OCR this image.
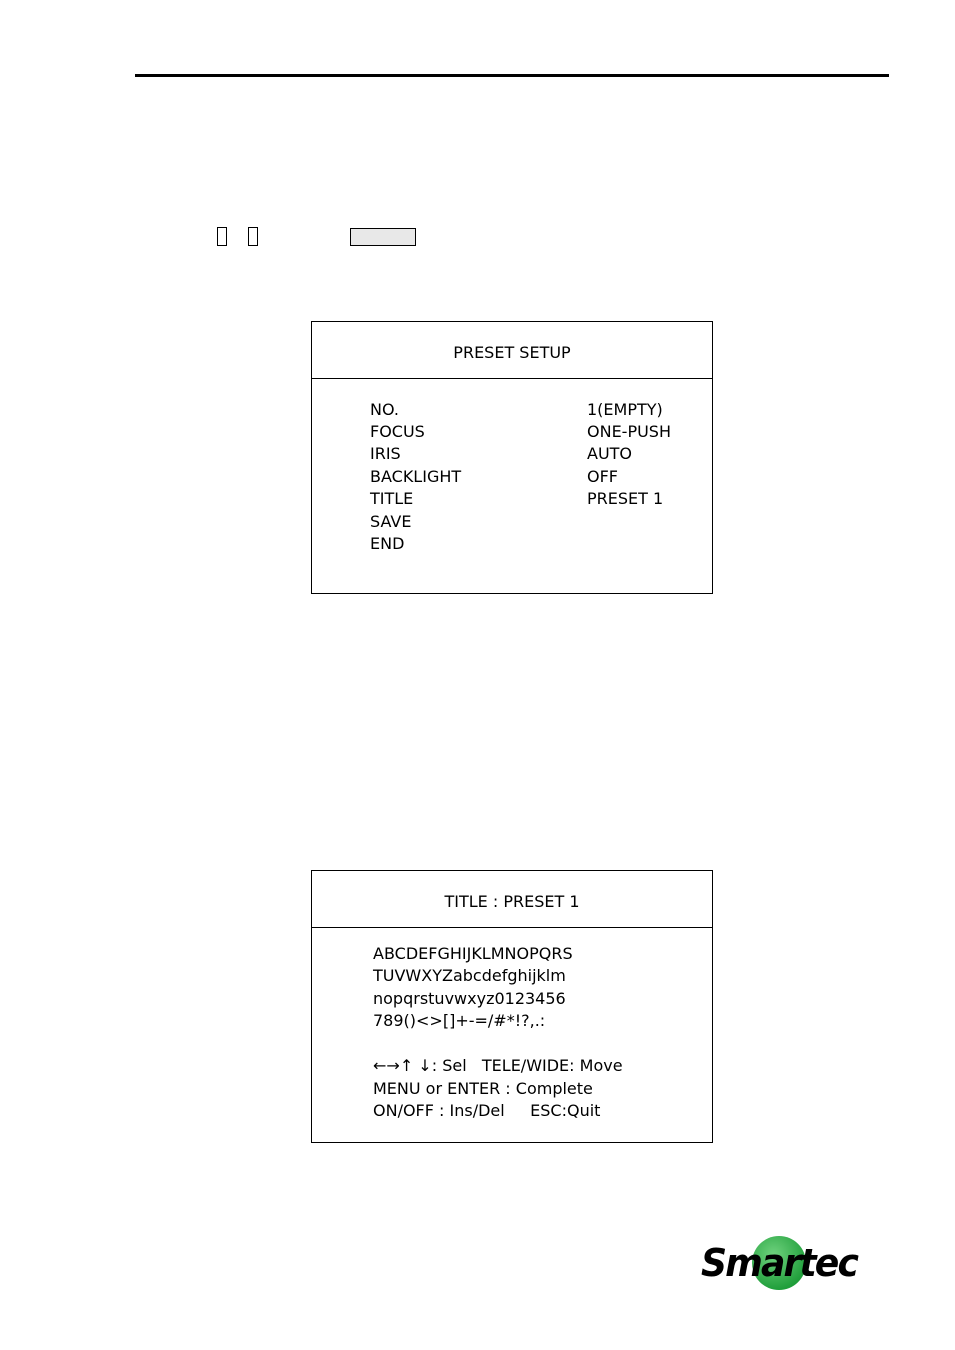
PRESET SETUP
NO.	1(EMPTY)
FOCUS	ONE-PUSH
IRIS	AUTO
BACKLIGHT	OFF
TITLE	PRESET 1
SAVE
END
TITLE : PRESET 1
ABCDEFGHIJKLMNOPQRS
TUVWXYZabcdefghijklm
nopqrstuvwxyz0123456
789()<>[]+-=/#*!?,.:
←→↑ ↓: Sel   TELE/WIDE: Move
MENU or ENTER : Complete
ON/OFF : Ins/Del     ESC:Quit
Smartec
